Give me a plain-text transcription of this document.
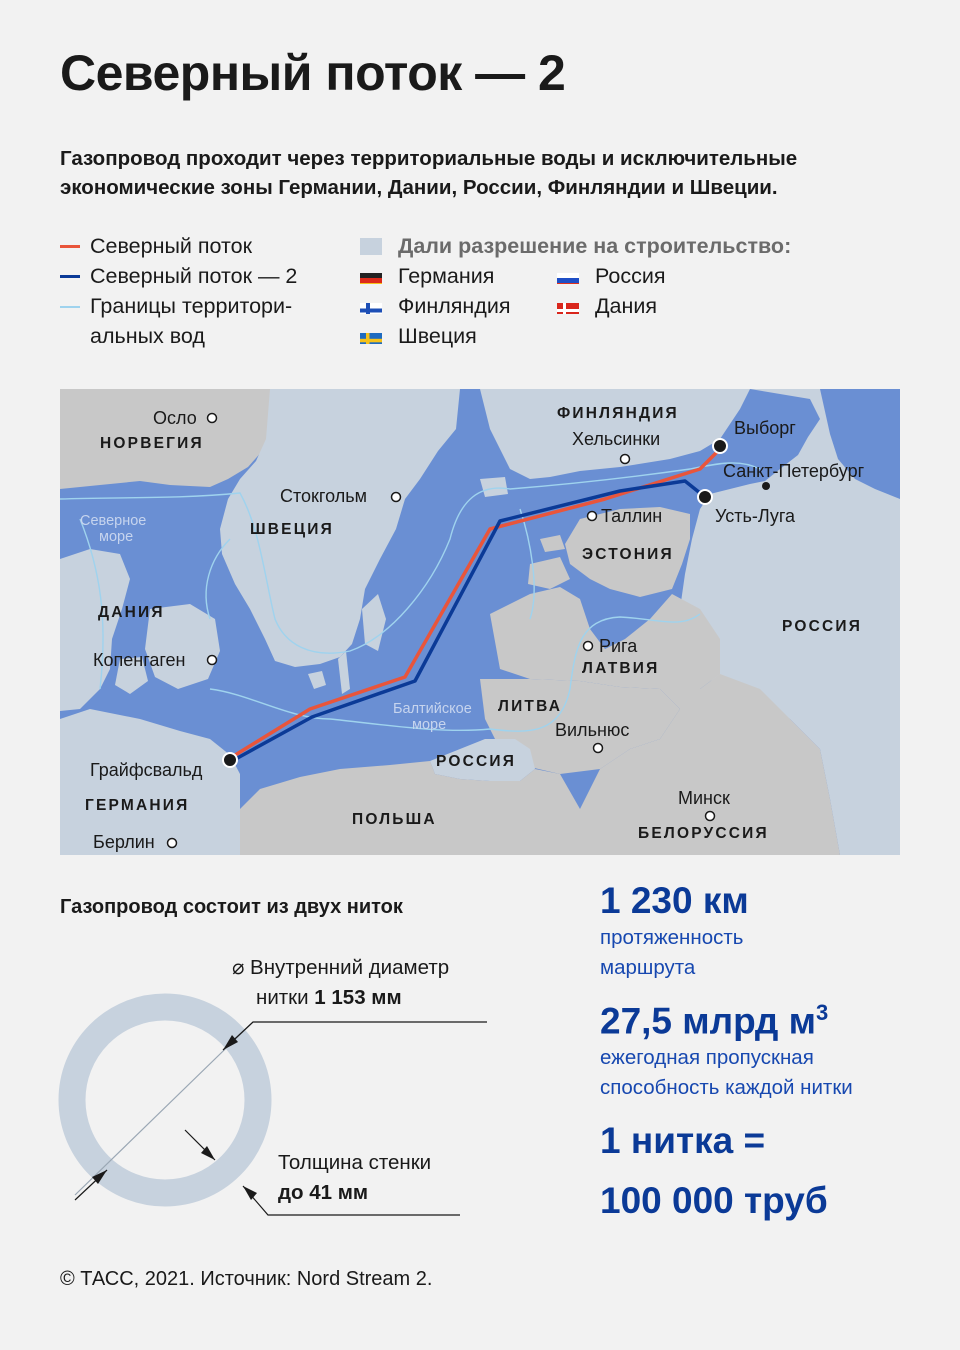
Северный поток — 2
Газопровод проходит через территориальные воды и исключительные экономические зоны Германии, Дании, России, Финляндии и Швеции.
Северный поток
Северный поток — 2
Границы территори-
альных вод
Дали разрешение на строительство:
Германия	Россия
Финляндия	Дания
Швеция
НОРВЕГИЯ
ФИНЛЯНДИЯ
ШВЕЦИЯ
ЭСТОНИЯ
ДАНИЯ
РОССИЯ
ЛАТВИЯ
ЛИТВА
РОССИЯ
ГЕРМАНИЯ
ПОЛЬША
БЕЛОРУССИЯ
Осло
Хельсинки
Выборг
Санкт-Петербург
Стокгольм
Таллин	Усть-Луга
Копенгаген
Рига
Вильнюс
Грайфсвальд
Минск
Берлин
Северное
море
Балтийское
море
Газопровод состоит из двух ниток
⌀ Внутренний диаметр
нитки 1 153 мм
Толщина стенки
до 41 мм
1 230 км
протяженность
маршрута
27,5 млрд $м^3$
ежегодная пропускная
способность каждой нитки
1 нитка =
100 000 труб
© ТАСС, 2021. Источник: Nord Stream 2.
